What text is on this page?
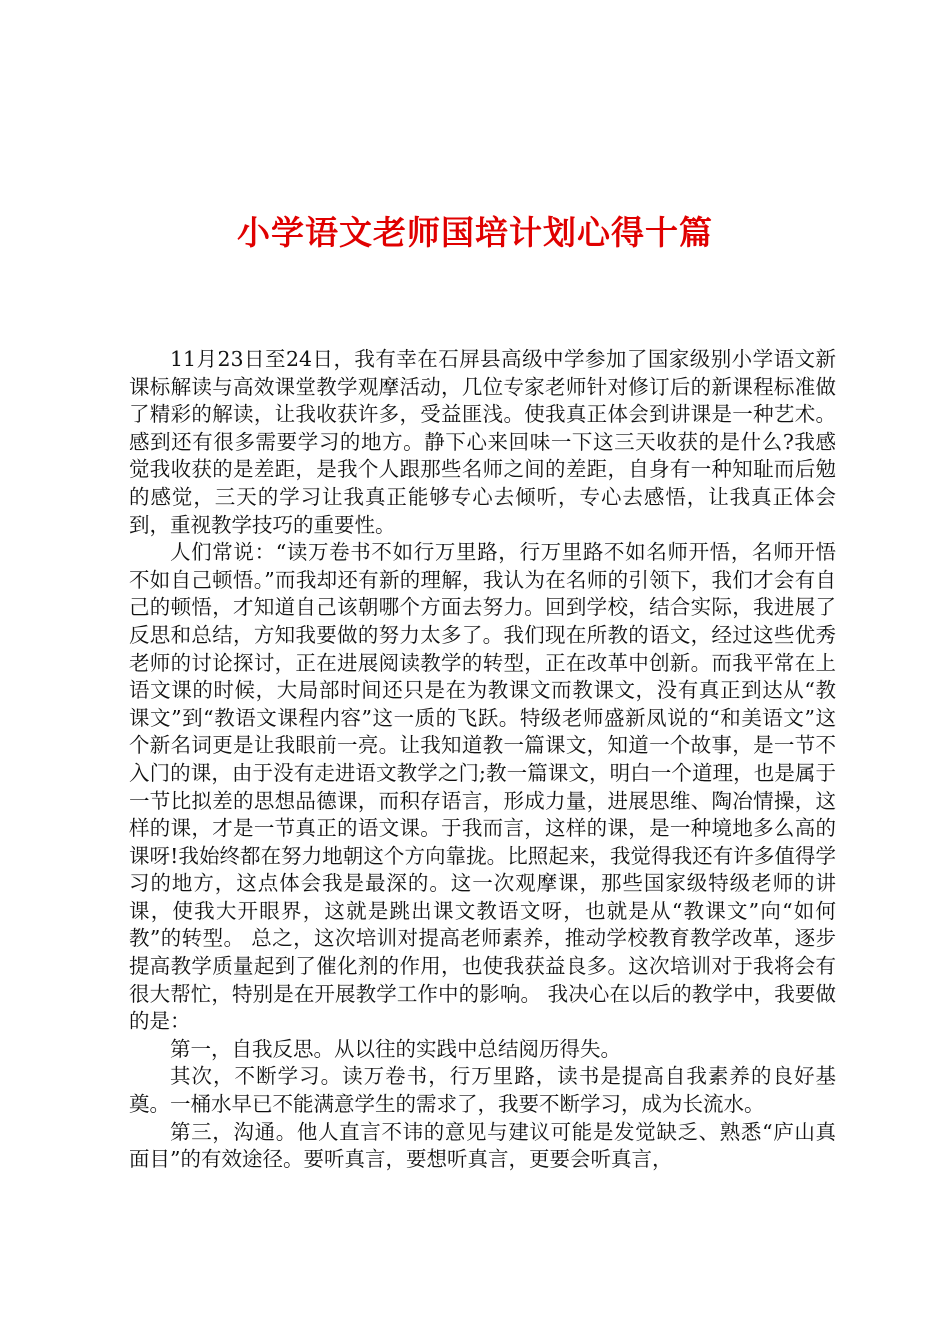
小学语文老师国培计划心得十篇

11月23日至24日，我有幸在石屏县高级中学参加了国家级别小学语文新课标解读与高效课堂教学观摩活动，几位专家老师针对修订后的新课程标准做了精彩的解读，让我收获许多，受益匪浅。使我真正体会到讲课是一种艺术。感到还有很多需要学习的地方。静下心来回味一下这三天收获的是什么?我感觉我收获的是差距，是我个人跟那些名师之间的差距，自身有一种知耻而后勉的感觉，三天的学习让我真正能够专心去倾听，专心去感悟，让我真正体会到，重视教学技巧的重要性。

人们常说：“读万卷书不如行万里路，行万里路不如名师开悟，名师开悟不如自己顿悟。”而我却还有新的理解，我认为在名师的引领下，我们才会有自己的顿悟，才知道自己该朝哪个方面去努力。回到学校，结合实际，我进展了反思和总结，方知我要做的努力太多了。我们现在所教的语文，经过这些优秀老师的讨论探讨，正在进展阅读教学的转型，正在改革中创新。而我平常在上语文课的时候，大局部时间还只是在为教课文而教课文，没有真正到达从“教课文”到“教语文课程内容”这一质的飞跃。特级老师盛新凤说的“和美语文”这个新名词更是让我眼前一亮。让我知道教一篇课文，知道一个故事，是一节不入门的课，由于没有走进语文教学之门;教一篇课文，明白一个道理，也是属于一节比拟差的思想品德课，而积存语言，形成力量，进展思维、陶冶情操，这样的课，才是一节真正的语文课。于我而言，这样的课，是一种境地多么高的课呀!我始终都在努力地朝这个方向靠拢。比照起来，我觉得我还有许多值得学习的地方，这点体会我是最深的。这一次观摩课，那些国家级特级老师的讲课，使我大开眼界，这就是跳出课文教语文呀，也就是从“教课文”向“如何教”的转型。 总之，这次培训对提高老师素养，推动学校教育教学改革，逐步提高教学质量起到了催化剂的作用，也使我获益良多。这次培训对于我将会有很大帮忙，特别是在开展教学工作中的影响。 我决心在以后的教学中，我要做的是：

第一，自我反思。从以往的实践中总结阅历得失。

其次，不断学习。读万卷书，行万里路，读书是提高自我素养的良好基奠。一桶水早已不能满意学生的需求了，我要不断学习，成为长流水。

第三，沟通。他人直言不讳的意见与建议可能是发觉缺乏、熟悉“庐山真面目”的有效途径。要听真言，要想听真言，更要会听真言，
